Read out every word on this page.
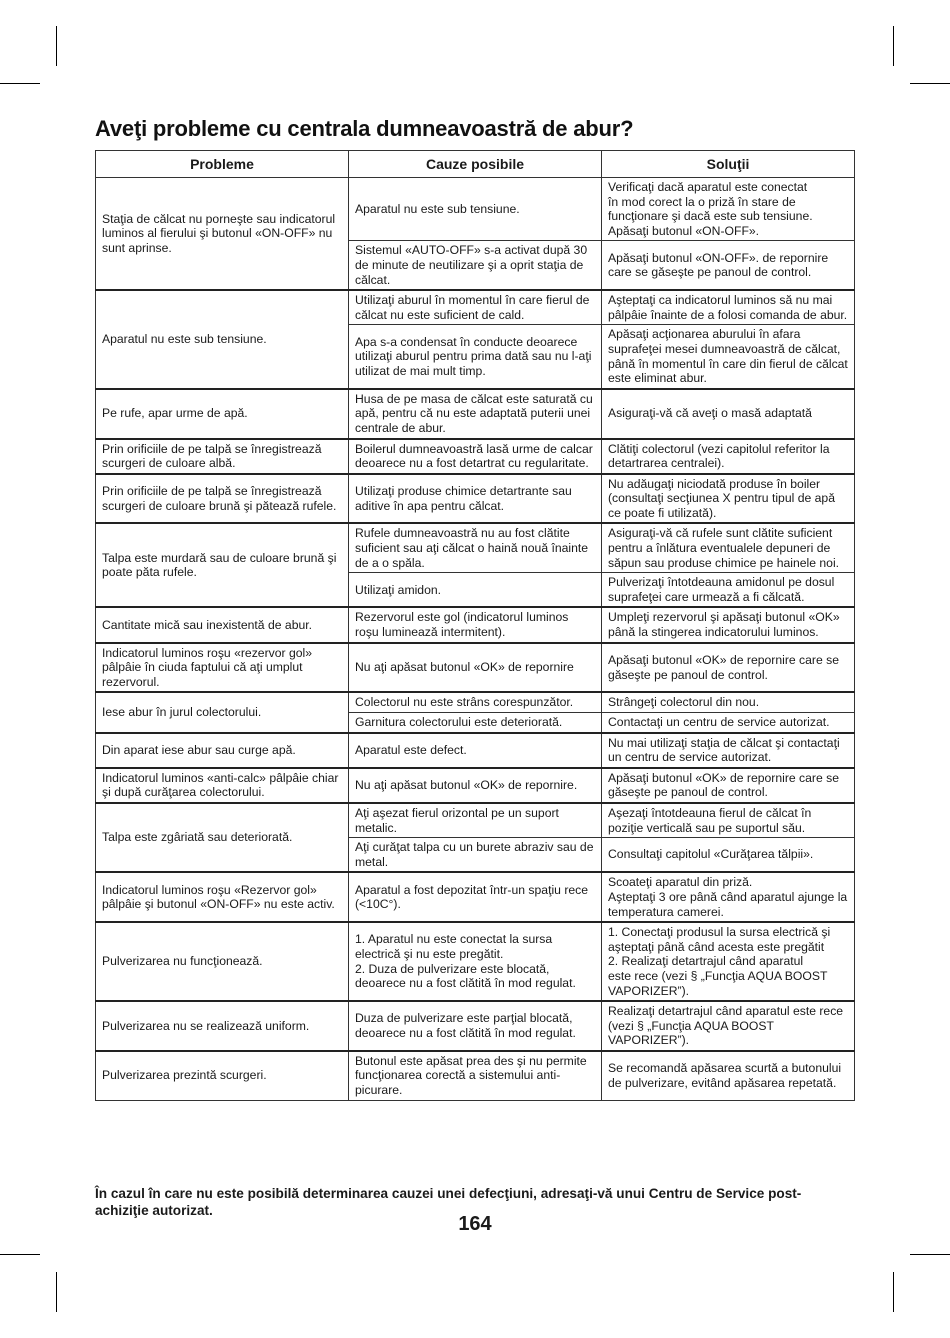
Aveţi probleme cu centrala dumneavoastră de abur?
Probleme	Cauze posibile	Soluţii
Staţia de călcat nu porneşte sau indicatorul luminos al fierului şi butonul «ON-OFF» nu sunt aprinse.	Aparatul nu este sub tensiune.	Verificaţi dacă aparatul este conectat
în mod corect la o priză în stare de
funcţionare şi dacă este sub tensiune.
Apăsaţi butonul «ON-OFF».
	Sistemul «AUTO-OFF» s-a activat după 30 de minute de neutilizare şi a oprit staţia de călcat.	Apăsaţi butonul «ON-OFF». de repornire care se găseşte pe panoul de control.
Aparatul nu este sub tensiune.	Utilizaţi aburul în momentul în care fierul de călcat nu este suficient de cald.	Aşteptaţi ca indicatorul luminos să nu mai pâlpâie înainte de a folosi comanda de abur.
	Apa s-a condensat în conducte deoarece utilizaţi aburul pentru prima dată sau nu l-aţi utilizat de mai mult timp.	Apăsaţi acţionarea aburului în afara suprafeţei mesei dumneavoastră de călcat, până în momentul în care din fierul de călcat este eliminat abur.
Pe rufe, apar urme de apă.	Husa de pe masa de călcat este saturată cu apă, pentru că nu este adaptată puterii unei centrale de abur.	Asiguraţi-vă că aveţi o masă adaptată
Prin orificiile de pe talpă se înregistrează scurgeri de culoare albă.	Boilerul dumneavoastră lasă urme de calcar deoarece nu a fost detartrat cu regularitate.	Clătiţi colectorul (vezi capitolul referitor la detartrarea centralei).
Prin orificiile de pe talpă se înregistrează scurgeri de culoare brună şi pătează rufele.	Utilizaţi produse chimice detartrante sau aditive în apa pentru călcat.	Nu adăugaţi niciodată produse în boiler (consultaţi secţiunea X pentru tipul de apă ce poate fi utilizată).
Talpa este murdară sau de culoare brună şi poate păta rufele.	Rufele dumneavoastră nu au fost clătite suficient sau aţi călcat o haină nouă înainte de a o spăla.	Asiguraţi-vă că rufele sunt clătite suficient pentru a înlătura eventualele depuneri de săpun sau produse chimice pe hainele noi.
	Utilizaţi amidon.	Pulverizaţi întotdeauna amidonul pe dosul suprafeţei care urmează a fi călcată.
Cantitate mică sau inexistentă de abur.	Rezervorul este gol (indicatorul luminos roşu luminează intermitent).	Umpleţi rezervorul şi apăsaţi butonul «OK» până la stingerea indicatorului luminos.
Indicatorul luminos roşu «rezervor gol» pâlpâie în ciuda faptului că aţi umplut rezervorul.	Nu aţi apăsat butonul «OK» de repornire	Apăsaţi butonul «OK» de repornire care se găseşte pe panoul de control.
Iese abur în jurul colectorului.	Colectorul nu este strâns corespunzător.	Strângeţi colectorul din nou.
	Garnitura colectorului este deteriorată.	Contactaţi un centru de service autorizat.
Din aparat iese abur sau curge apă.	Aparatul este defect.	Nu mai utilizaţi staţia de călcat şi contactaţi un centru de service autorizat.
Indicatorul luminos «anti-calc» pâlpâie chiar şi după curăţarea colectorului.	Nu aţi apăsat butonul «OK» de repornire.	Apăsaţi butonul «OK» de repornire care se găseşte pe panoul de control.
Talpa este zgâriată sau deteriorată.	Aţi aşezat fierul orizontal pe un suport metalic.	Aşezaţi întotdeauna fierul de călcat în poziţie verticală sau pe suportul său.
	Aţi curăţat talpa cu un burete abraziv sau de metal.	Consultaţi capitolul «Curăţarea tălpii».
Indicatorul luminos roşu «Rezervor gol» pâlpâie şi butonul «ON-OFF» nu este activ.	Aparatul a fost depozitat într-un spaţiu rece (<10C°).	Scoateţi aparatul din priză.
Aşteptaţi 3 ore până când aparatul ajunge la temperatura camerei.
Pulverizarea nu funcţionează.	1. Aparatul nu este conectat la sursa electrică şi nu este pregătit.
2. Duza de pulverizare este blocată, deoarece nu a fost clătită în mod regulat.	1. Conectaţi produsul la sursa electrică şi aşteptaţi până când acesta este pregătit
2. Realizaţi detartrajul când aparatul
este rece (vezi § „Funcţia AQUA BOOST VAPORIZER”).
Pulverizarea nu se realizează uniform.	Duza de pulverizare este parţial blocată, deoarece nu a fost clătită în mod regulat.	Realizaţi detartrajul când aparatul este rece (vezi § „Funcţia AQUA BOOST VAPORIZER”).
Pulverizarea prezintă scurgeri.	Butonul este apăsat prea des şi nu permite funcţionarea corectă a sistemului anti-picurare.	Se recomandă apăsarea scurtă a butonului de pulverizare, evitând apăsarea repetată.

În cazul în care nu este posibilă determinarea cauzei unei defecţiuni, adresaţi-vă unui Centru de Service post-achiziţie autorizat.

164
